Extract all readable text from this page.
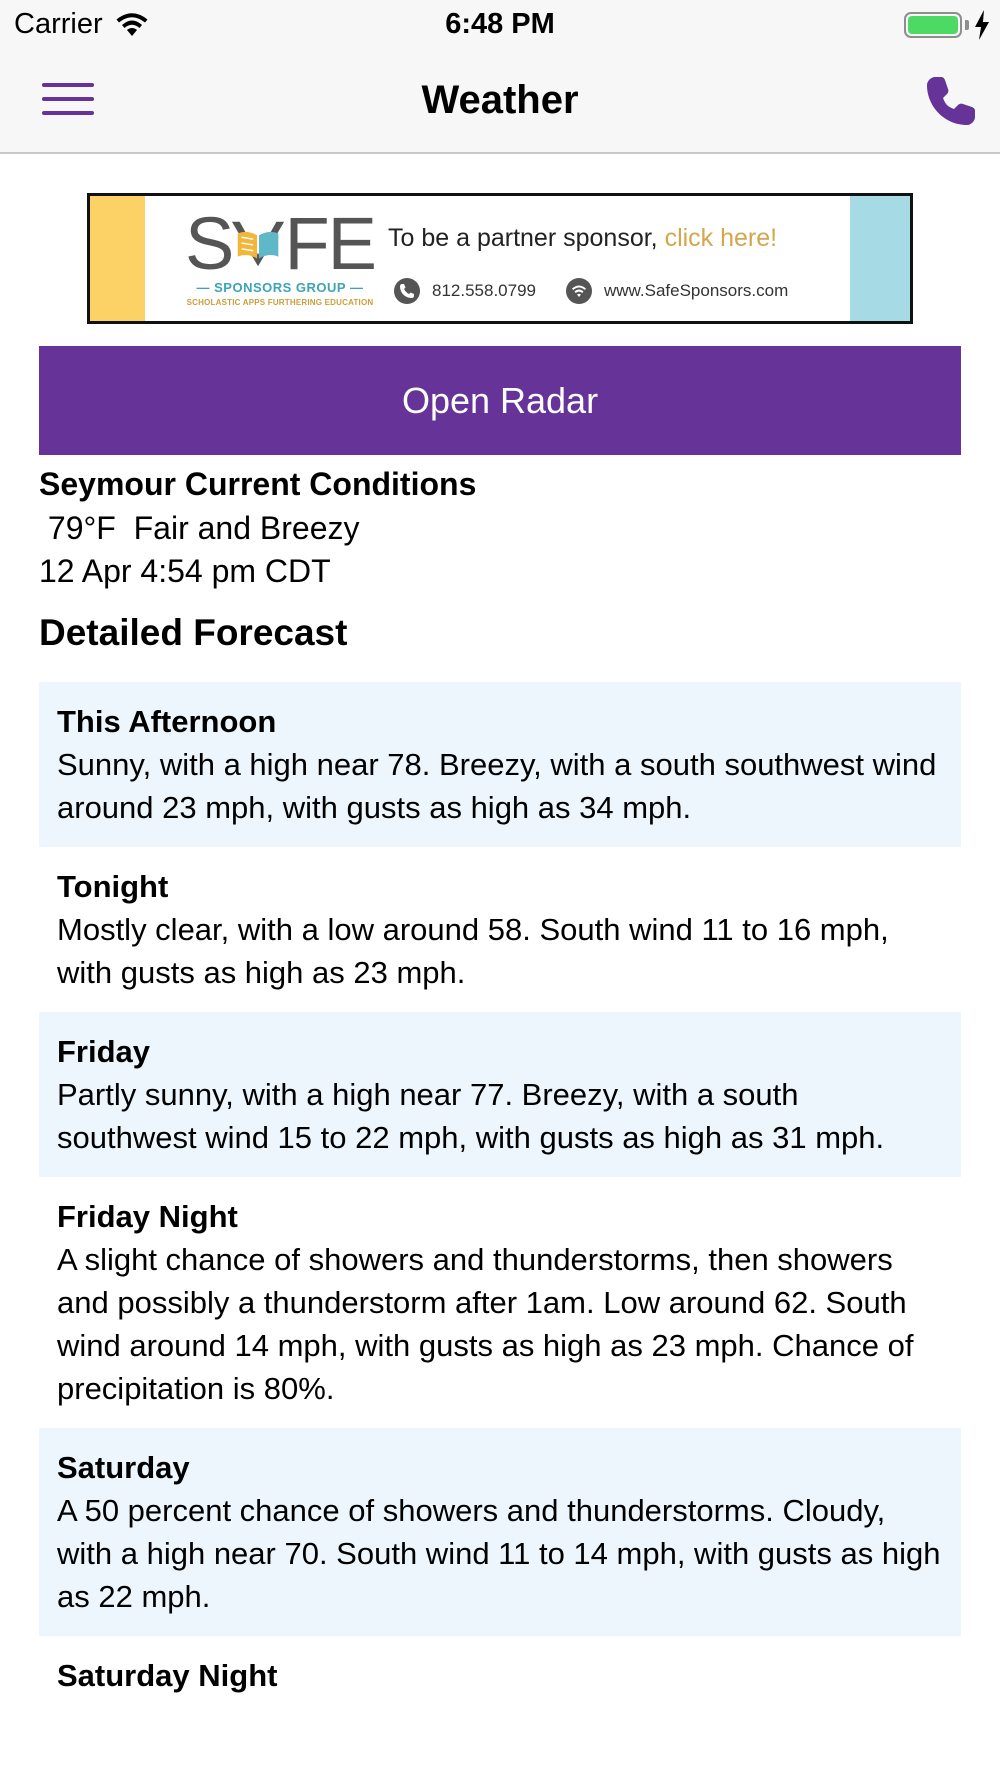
Carrier	6:48 PM
Weather
S FE
— SPONSORS GROUP —
SCHOLASTIC APPS FURTHERING EDUCATION
To be a partner sponsor, click here!
812.558.0799	www.SafeSponsors.com
Open Radar
Seymour Current Conditions
79°F  Fair and Breezy
12 Apr 4:54 pm CDT
Detailed Forecast
This Afternoon
Sunny, with a high near 78. Breezy, with a south southwest wind around 23 mph, with gusts as high as 34 mph.
Tonight
Mostly clear, with a low around 58. South wind 11 to 16 mph, with gusts as high as 23 mph.
Friday
Partly sunny, with a high near 77. Breezy, with a south southwest wind 15 to 22 mph, with gusts as high as 31 mph.
Friday Night
A slight chance of showers and thunderstorms, then showers and possibly a thunderstorm after 1am. Low around 62. South wind around 14 mph, with gusts as high as 23 mph. Chance of precipitation is 80%.
Saturday
A 50 percent chance of showers and thunderstorms. Cloudy, with a high near 70. South wind 11 to 14 mph, with gusts as high as 22 mph.
Saturday Night
